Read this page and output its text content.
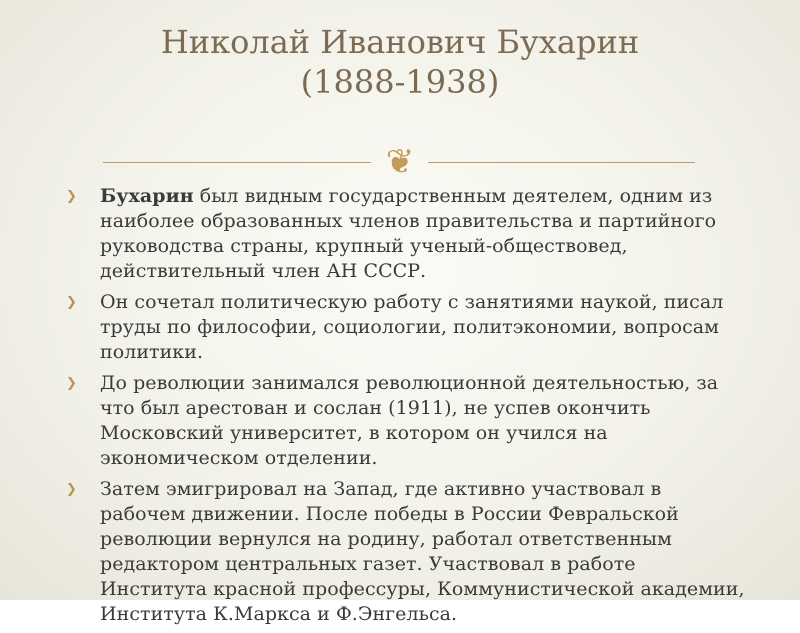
Николай Иванович Бухарин
(1888-1938)
❦
❯ Бухарин был видным государственным деятелем, одним из наиболее образованных членов правительства и партийного руководства страны, крупный ученый-обществовед, действительный член АН СССР.
❯ Он сочетал политическую работу с занятиями наукой, писал труды по философии, социологии, политэкономии, вопросам политики.
❯ До революции занимался революционной деятельностью, за что был арестован и сослан (1911), не успев окончить Московский университет, в котором он учился на экономическом отделении.
❯ Затем эмигрировал на Запад, где активно участвовал в рабочем движении. После победы в России Февральской революции вернулся на родину, работал ответственным редактором центральных газет. Участвовал в работе Института красной профессуры, Коммунистической академии, Института К.Маркса и Ф.Энгельса.
